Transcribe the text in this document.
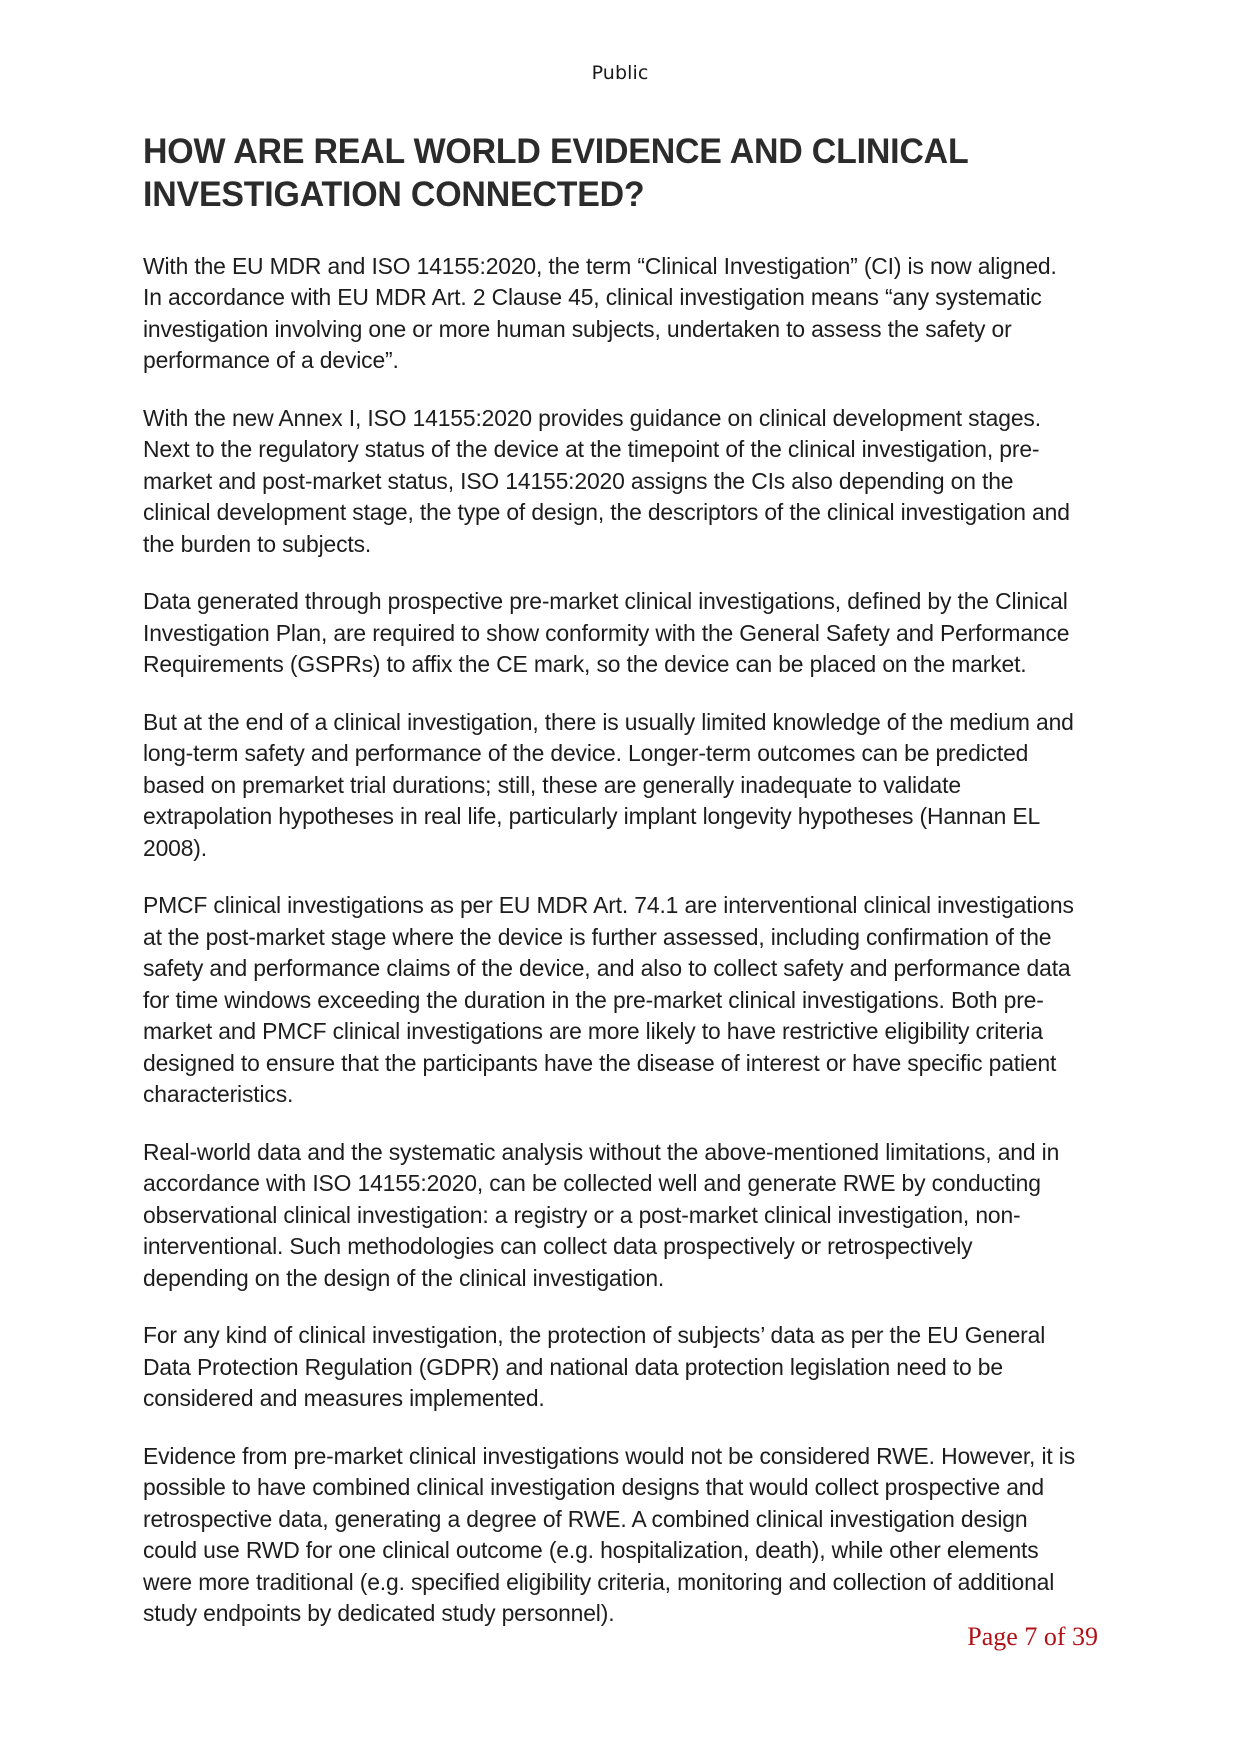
Public
HOW ARE REAL WORLD EVIDENCE AND CLINICAL INVESTIGATION CONNECTED?

With the EU MDR and ISO 14155:2020, the term “Clinical Investigation” (CI) is now aligned. In accordance with EU MDR Art. 2 Clause 45, clinical investigation means “any systematic investigation involving one or more human subjects, undertaken to assess the safety or performance of a device”.

With the new Annex I, ISO 14155:2020 provides guidance on clinical development stages. Next to the regulatory status of the device at the timepoint of the clinical investigation, pre-market and post-market status, ISO 14155:2020 assigns the CIs also depending on the clinical development stage, the type of design, the descriptors of the clinical investigation and the burden to subjects.

Data generated through prospective pre-market clinical investigations, defined by the Clinical Investigation Plan, are required to show conformity with the General Safety and Performance Requirements (GSPRs) to affix the CE mark, so the device can be placed on the market.

But at the end of a clinical investigation, there is usually limited knowledge of the medium and long-term safety and performance of the device. Longer-term outcomes can be predicted based on premarket trial durations; still, these are generally inadequate to validate extrapolation hypotheses in real life, particularly implant longevity hypotheses (Hannan EL 2008).

PMCF clinical investigations as per EU MDR Art. 74.1 are interventional clinical investigations at the post-market stage where the device is further assessed, including confirmation of the safety and performance claims of the device, and also to collect safety and performance data for time windows exceeding the duration in the pre-market clinical investigations. Both pre-market and PMCF clinical investigations are more likely to have restrictive eligibility criteria designed to ensure that the participants have the disease of interest or have specific patient characteristics.

Real-world data and the systematic analysis without the above-mentioned limitations, and in accordance with ISO 14155:2020, can be collected well and generate RWE by conducting observational clinical investigation: a registry or a post-market clinical investigation, non-interventional. Such methodologies can collect data prospectively or retrospectively depending on the design of the clinical investigation.

For any kind of clinical investigation, the protection of subjects’ data as per the EU General Data Protection Regulation (GDPR) and national data protection legislation need to be considered and measures implemented.

Evidence from pre-market clinical investigations would not be considered RWE. However, it is possible to have combined clinical investigation designs that would collect prospective and retrospective data, generating a degree of RWE. A combined clinical investigation design could use RWD for one clinical outcome (e.g. hospitalization, death), while other elements were more traditional (e.g. specified eligibility criteria, monitoring and collection of additional study endpoints by dedicated study personnel).

Page 7 of 39
